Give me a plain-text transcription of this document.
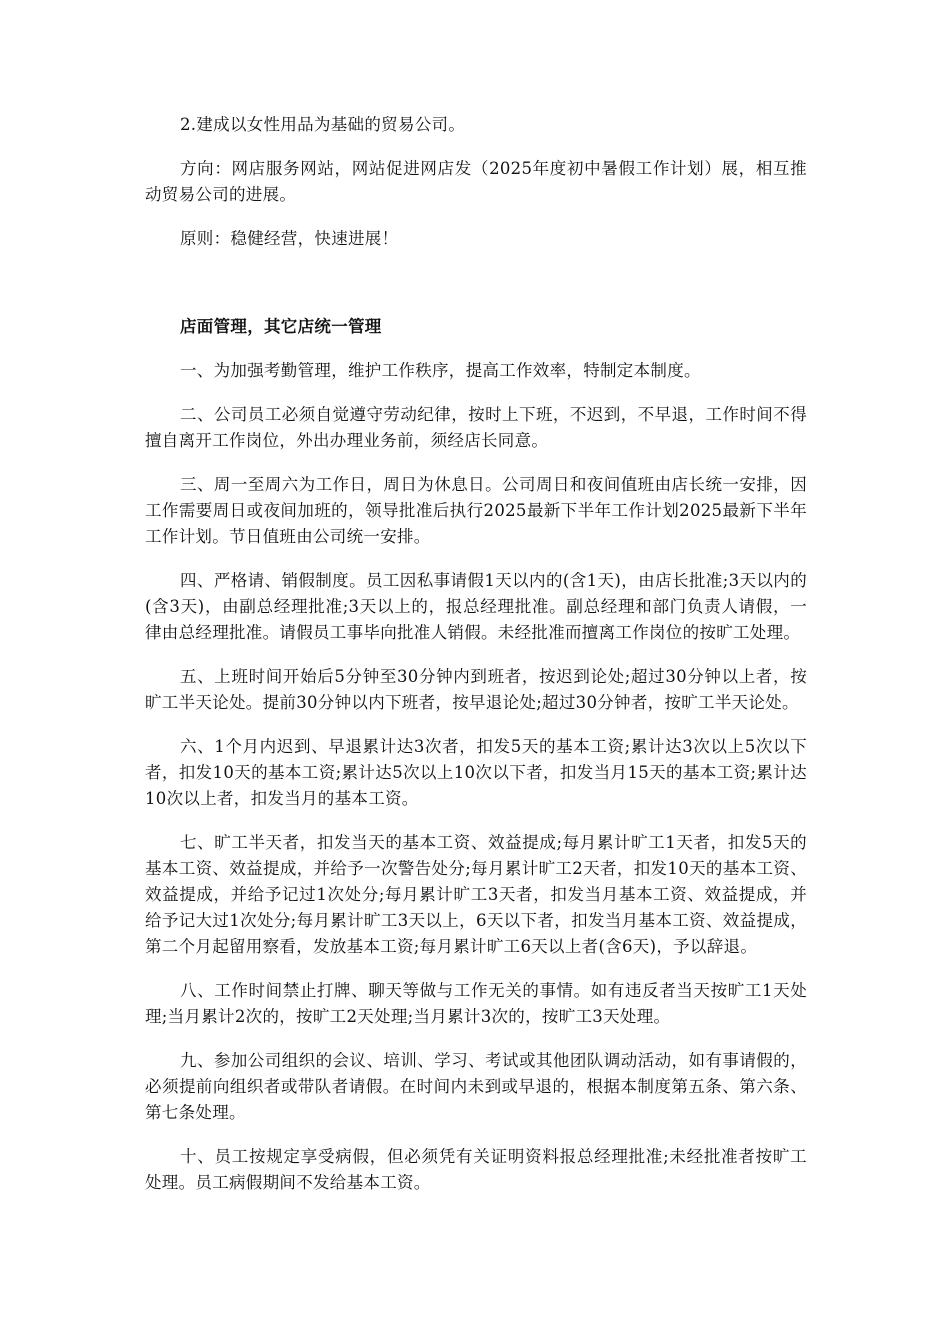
2.建成以女性用品为基础的贸易公司。

方向：网店服务网站，网站促进网店发（2025年度初中暑假工作计划）展，相互推动贸易公司的进展。

原则：稳健经营，快速进展！

店面管理，其它店统一管理

一、为加强考勤管理，维护工作秩序，提高工作效率，特制定本制度。

二、公司员工必须自觉遵守劳动纪律，按时上下班，不迟到，不早退，工作时间不得擅自离开工作岗位，外出办理业务前，须经店长同意。

三、周一至周六为工作日，周日为休息日。公司周日和夜间值班由店长统一安排，因工作需要周日或夜间加班的，领导批准后执行2025最新下半年工作计划2025最新下半年工作计划。节日值班由公司统一安排。

四、严格请、销假制度。员工因私事请假1天以内的(含1天)，由店长批准;3天以内的(含3天)，由副总经理批准;3天以上的，报总经理批准。副总经理和部门负责人请假，一律由总经理批准。请假员工事毕向批准人销假。未经批准而擅离工作岗位的按旷工处理。

五、上班时间开始后5分钟至30分钟内到班者，按迟到论处;超过30分钟以上者，按旷工半天论处。提前30分钟以内下班者，按早退论处;超过30分钟者，按旷工半天论处。

六、1个月内迟到、早退累计达3次者，扣发5天的基本工资;累计达3次以上5次以下者，扣发10天的基本工资;累计达5次以上10次以下者，扣发当月15天的基本工资;累计达10次以上者，扣发当月的基本工资。

七、旷工半天者，扣发当天的基本工资、效益提成;每月累计旷工1天者，扣发5天的基本工资、效益提成，并给予一次警告处分;每月累计旷工2天者，扣发10天的基本工资、效益提成，并给予记过1次处分;每月累计旷工3天者，扣发当月基本工资、效益提成，并给予记大过1次处分;每月累计旷工3天以上，6天以下者，扣发当月基本工资、效益提成，第二个月起留用察看，发放基本工资;每月累计旷工6天以上者(含6天)，予以辞退。

八、工作时间禁止打牌、聊天等做与工作无关的事情。如有违反者当天按旷工1天处理;当月累计2次的，按旷工2天处理;当月累计3次的，按旷工3天处理。

九、参加公司组织的会议、培训、学习、考试或其他团队调动活动，如有事请假的，必须提前向组织者或带队者请假。在时间内未到或早退的，根据本制度第五条、第六条、第七条处理。

十、员工按规定享受病假，但必须凭有关证明资料报总经理批准;未经批准者按旷工处理。员工病假期间不发给基本工资。
